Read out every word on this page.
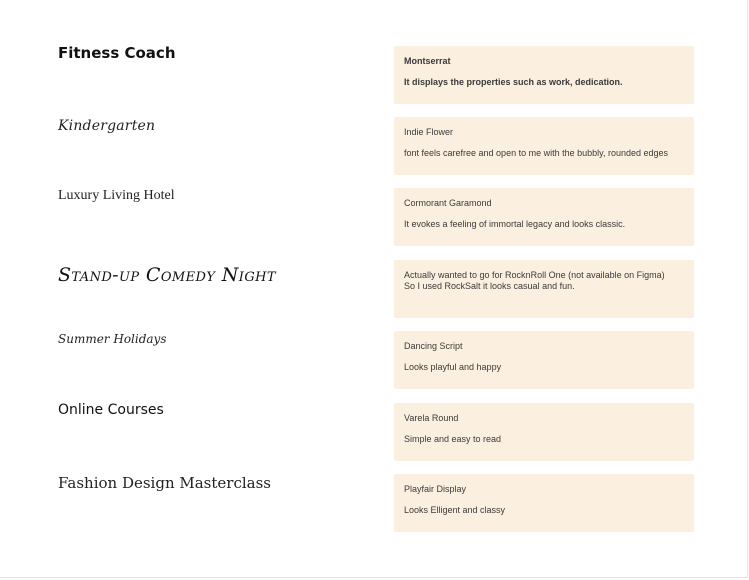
Fitness Coach	Montserrat
It displays the properties such as work, dedication.
Kindergarten	Indie Flower
font feels carefree and open to me with the bubbly, rounded edges
Luxury Living Hotel	Cormorant Garamond
It evokes a feeling of immortal legacy and looks classic.
Stand-up Comedy Night	Actually wanted to go for RocknRoll One (not available on Figma)
So I used RockSalt it looks casual and fun.
Summer Holidays	Dancing Script
Looks playful and happy
Online Courses	Varela Round
Simple and easy to read
Fashion Design Masterclass	Playfair Display
Looks Elligent and classy
